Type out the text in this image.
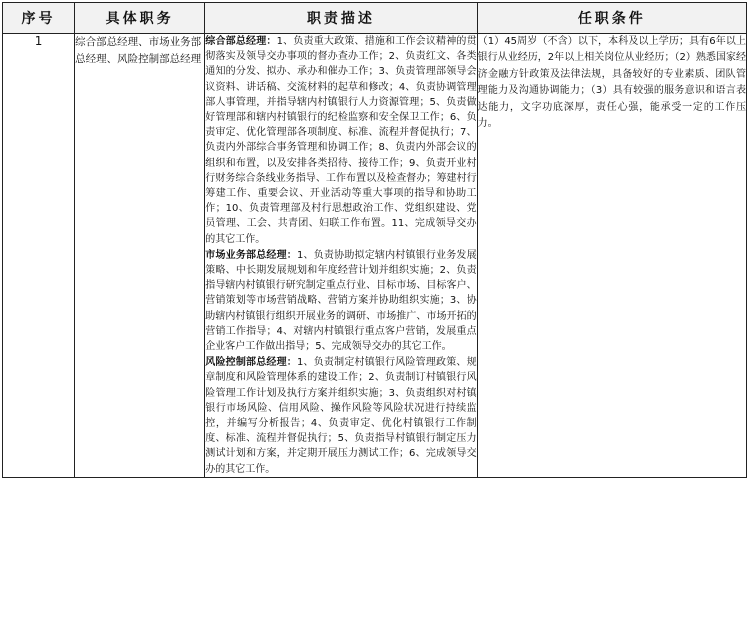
序号	具体职务	职责描述	任职条件
1	综合部总经理、市场业务部总经理、风险控制部总经理	综合部总经理：1、负责重大政策、措施和工作会议精神的贯彻落实及领导交办事项的督办查办工作；2、负责红文、各类通知的分发、拟办、承办和催办工作；3、负责管理部领导会议资料、讲话稿、交流材料的起草和修改；4、负责协调管理部人事管理，并指导辖内村镇银行人力资源管理；5、负责做好管理部和辖内村镇银行的纪检监察和安全保卫工作；6、负责审定、优化管理部各项制度、标准、流程并督促执行；7、负责内外部综合事务管理和协调工作；8、负责内外部会议的组织和布置，以及安排各类招待、接待工作；9、负责开业村行财务综合条线业务指导、工作布置以及检查督办；筹建村行筹建工作、重要会议、开业活动等重大事项的指导和协助工作；10、负责管理部及村行思想政治工作、党组织建设、党员管理、工会、共青团、妇联工作布置。11、完成领导交办的其它工作。

市场业务部总经理：1、负责协助拟定辖内村镇银行业务发展策略、中长期发展规划和年度经营计划并组织实施；2、负责指导辖内村镇银行研究制定重点行业、目标市场、目标客户、营销策划等市场营销战略、营销方案并协助组织实施；3、协助辖内村镇银行组织开展业务的调研、市场推广、市场开拓的营销工作指导；4、对辖内村镇银行重点客户营销，发展重点企业客户工作做出指导；5、完成领导交办的其它工作。

风险控制部总经理：1、负责制定村镇银行风险管理政策、规章制度和风险管理体系的建设工作；2、负责制订村镇银行风险管理工作计划及执行方案并组织实施；3、负责组织对村镇银行市场风险、信用风险、操作风险等风险状况进行持续监控，并编写分析报告；4、负责审定、优化村镇银行工作制度、标准、流程并督促执行；5、负责指导村镇银行制定压力测试计划和方案，并定期开展压力测试工作；6、完成领导交办的其它工作。	（1）45周岁（不含）以下，本科及以上学历；具有6年以上银行从业经历，2年以上相关岗位从业经历；（2）熟悉国家经济金融方针政策及法律法规，具备较好的专业素质、团队管理能力及沟通协调能力；（3）具有较强的服务意识和语言表达能力，文字功底深厚，责任心强，能承受一定的工作压力。
